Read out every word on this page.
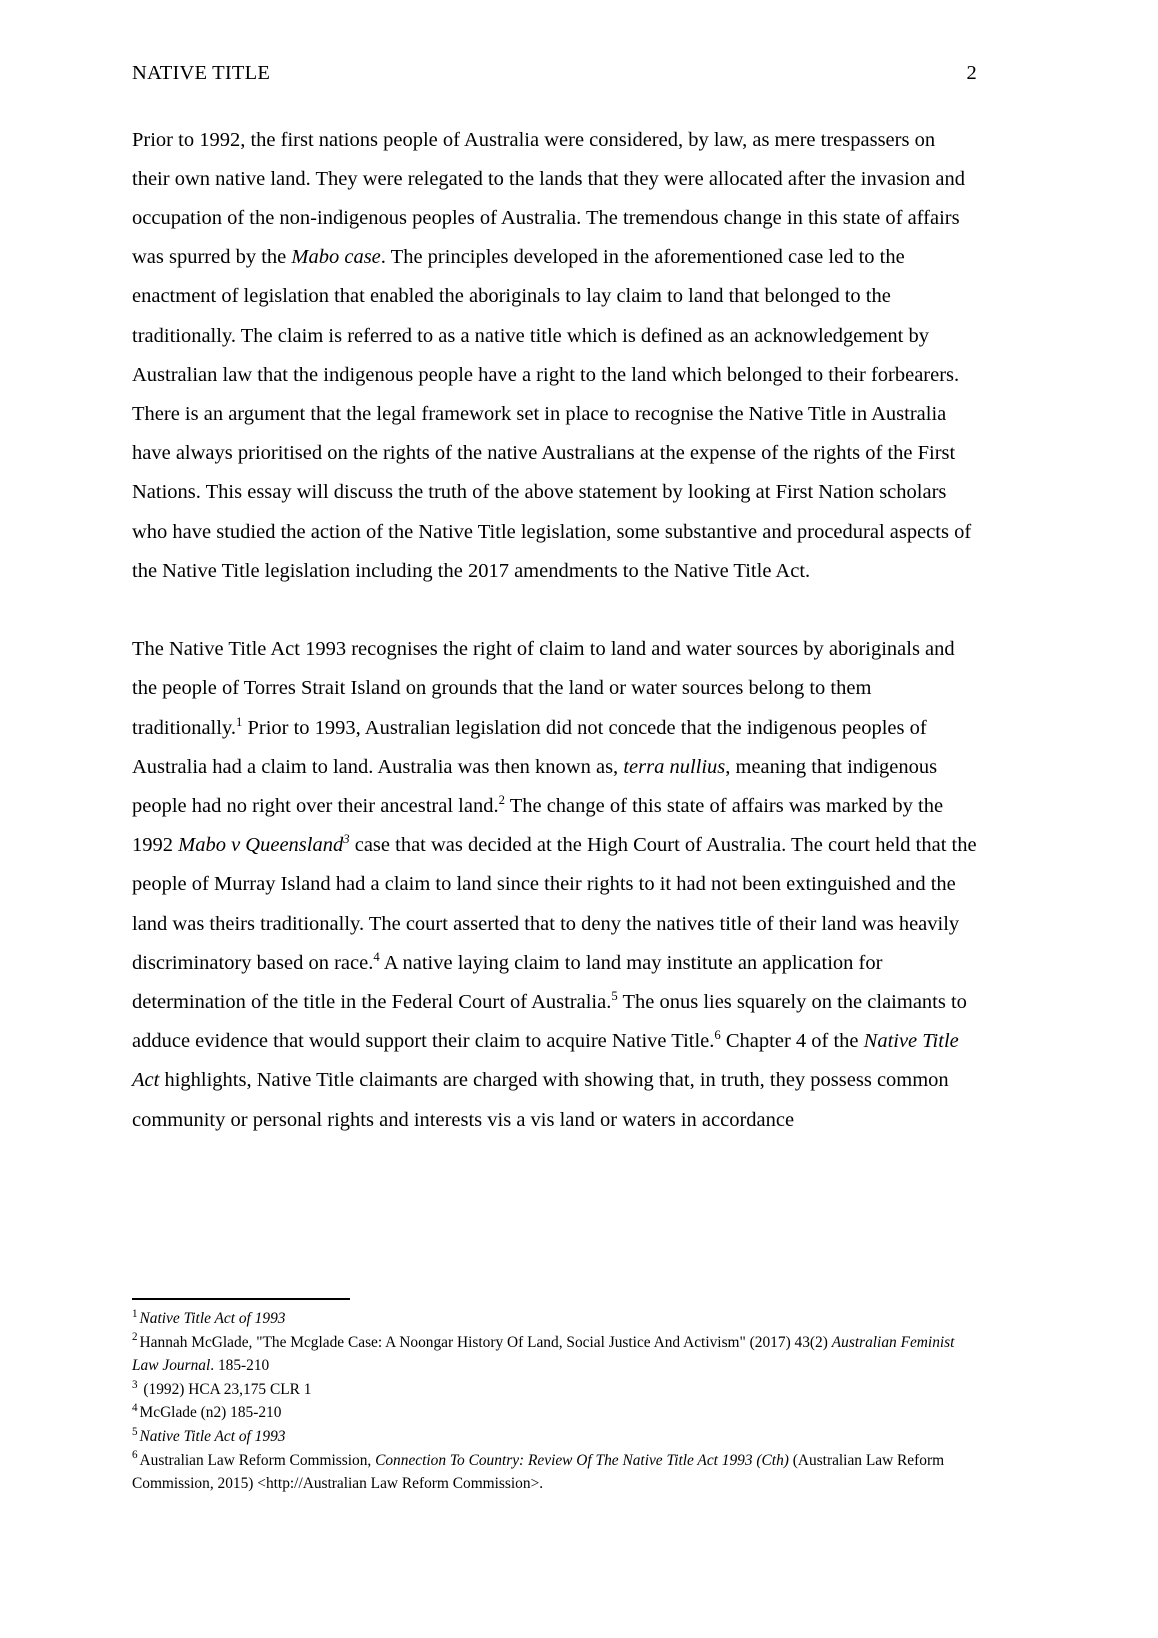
NATIVE TITLE	2

Prior to 1992, the first nations people of Australia were considered, by law, as mere trespassers on their own native land. They were relegated to the lands that they were allocated after the invasion and occupation of the non-indigenous peoples of Australia. The tremendous change in this state of affairs was spurred by the Mabo case. The principles developed in the aforementioned case led to the enactment of legislation that enabled the aboriginals to lay claim to land that belonged to the traditionally. The claim is referred to as a native title which is defined as an acknowledgement by Australian law that the indigenous people have a right to the land which belonged to their forbearers. There is an argument that the legal framework set in place to recognise the Native Title in Australia have always prioritised on the rights of the native Australians at the expense of the rights of the First Nations. This essay will discuss the truth of the above statement by looking at First Nation scholars who have studied the action of the Native Title legislation, some substantive and procedural aspects of the Native Title legislation including the 2017 amendments to the Native Title Act.

The Native Title Act 1993 recognises the right of claim to land and water sources by aboriginals and the people of Torres Strait Island on grounds that the land or water sources belong to them traditionally.$^1$ Prior to 1993, Australian legislation did not concede that the indigenous peoples of Australia had a claim to land. Australia was then known as, terra nullius, meaning that indigenous people had no right over their ancestral land.$^2$ The change of this state of affairs was marked by the 1992 Mabo v Queensland$^3$ case that was decided at the High Court of Australia. The court held that the people of Murray Island had a claim to land since their rights to it had not been extinguished and the land was theirs traditionally. The court asserted that to deny the natives title of their land was heavily discriminatory based on race.$^4$ A native laying claim to land may institute an application for determination of the title in the Federal Court of Australia.$^5$ The onus lies squarely on the claimants to adduce evidence that would support their claim to acquire Native Title.$^6$ Chapter 4 of the Native Title Act highlights, Native Title claimants are charged with showing that, in truth, they possess common community or personal rights and interests vis a vis land or waters in accordance

$^1$ Native Title Act of 1993

$^2$ Hannah McGlade, "The Mcglade Case: A Noongar History Of Land, Social Justice And Activism" (2017) 43(2) Australian Feminist Law Journal. 185-210

$^3$ (1992) HCA 23,175 CLR 1

$^4$ McGlade (n2) 185-210

$^5$ Native Title Act of 1993

$^6$ Australian Law Reform Commission, Connection To Country: Review Of The Native Title Act 1993 (Cth) (Australian Law Reform Commission, 2015) <http://Australian Law Reform Commission>.
